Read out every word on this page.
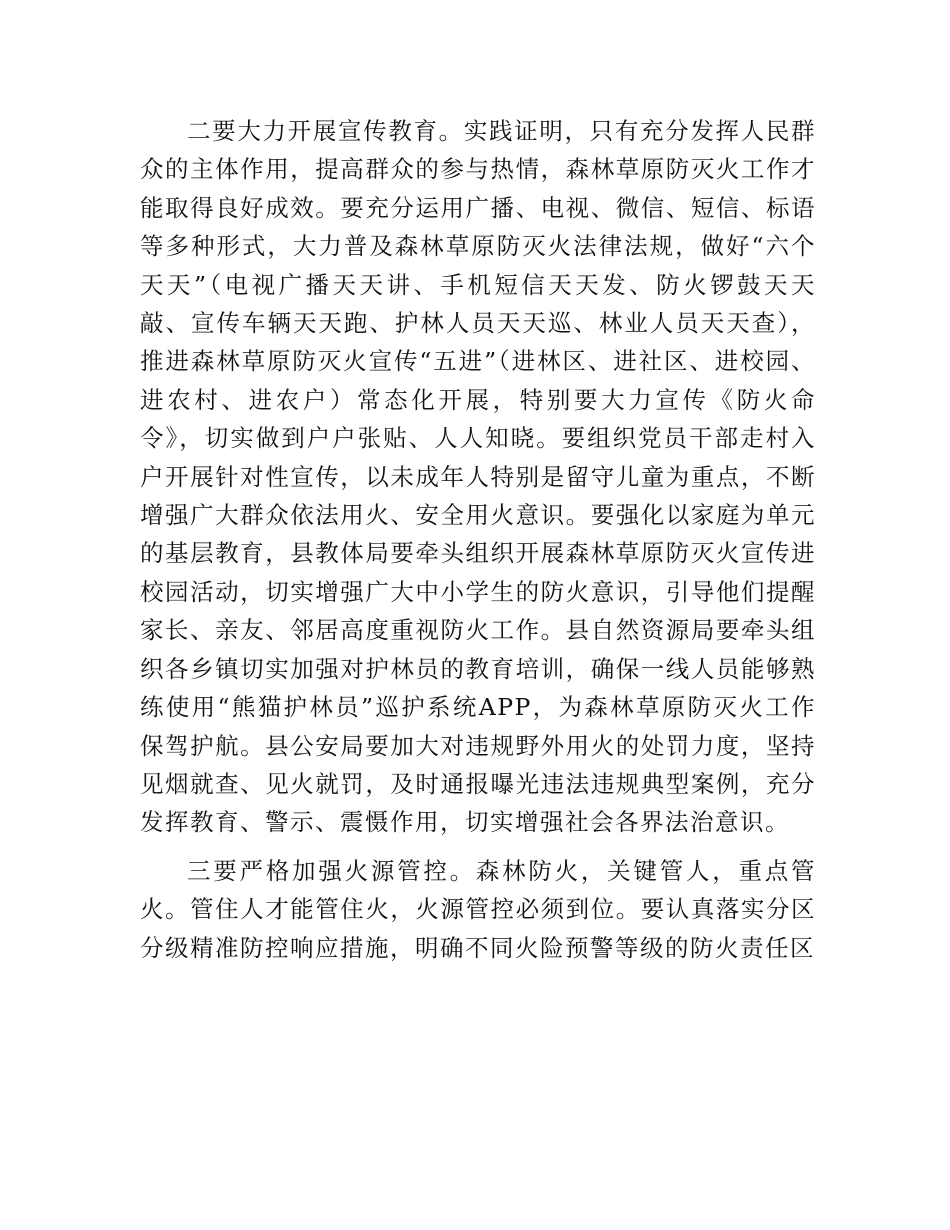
二要大力开展宣传教育。实践证明，只有充分发挥人民群众的主体作用，提高群众的参与热情，森林草原防灭火工作才能取得良好成效。要充分运用广播、电视、微信、短信、标语等多种形式，大力普及森林草原防灭火法律法规，做好“六个天天”（电视广播天天讲、手机短信天天发、防火锣鼓天天敲、宣传车辆天天跑、护林人员天天巡、林业人员天天查），推进森林草原防灭火宣传“五进”（进林区、进社区、进校园、进农村、进农户）常态化开展，特别要大力宣传《防火命令》，切实做到户户张贴、人人知晓。要组织党员干部走村入户开展针对性宣传，以未成年人特别是留守儿童为重点，不断增强广大群众依法用火、安全用火意识。要强化以家庭为单元的基层教育，县教体局要牵头组织开展森林草原防灭火宣传进校园活动，切实增强广大中小学生的防火意识，引导他们提醒家长、亲友、邻居高度重视防火工作。县自然资源局要牵头组织各乡镇切实加强对护林员的教育培训，确保一线人员能够熟练使用“熊猫护林员”巡护系统APP，为森林草原防灭火工作保驾护航。县公安局要加大对违规野外用火的处罚力度，坚持见烟就查、见火就罚，及时通报曝光违法违规典型案例，充分发挥教育、警示、震慑作用，切实增强社会各界法治意识。

三要严格加强火源管控。森林防火，关键管人，重点管火。管住人才能管住火，火源管控必须到位。要认真落实分区分级精准防控响应措施，明确不同火险预警等级的防火责任区
